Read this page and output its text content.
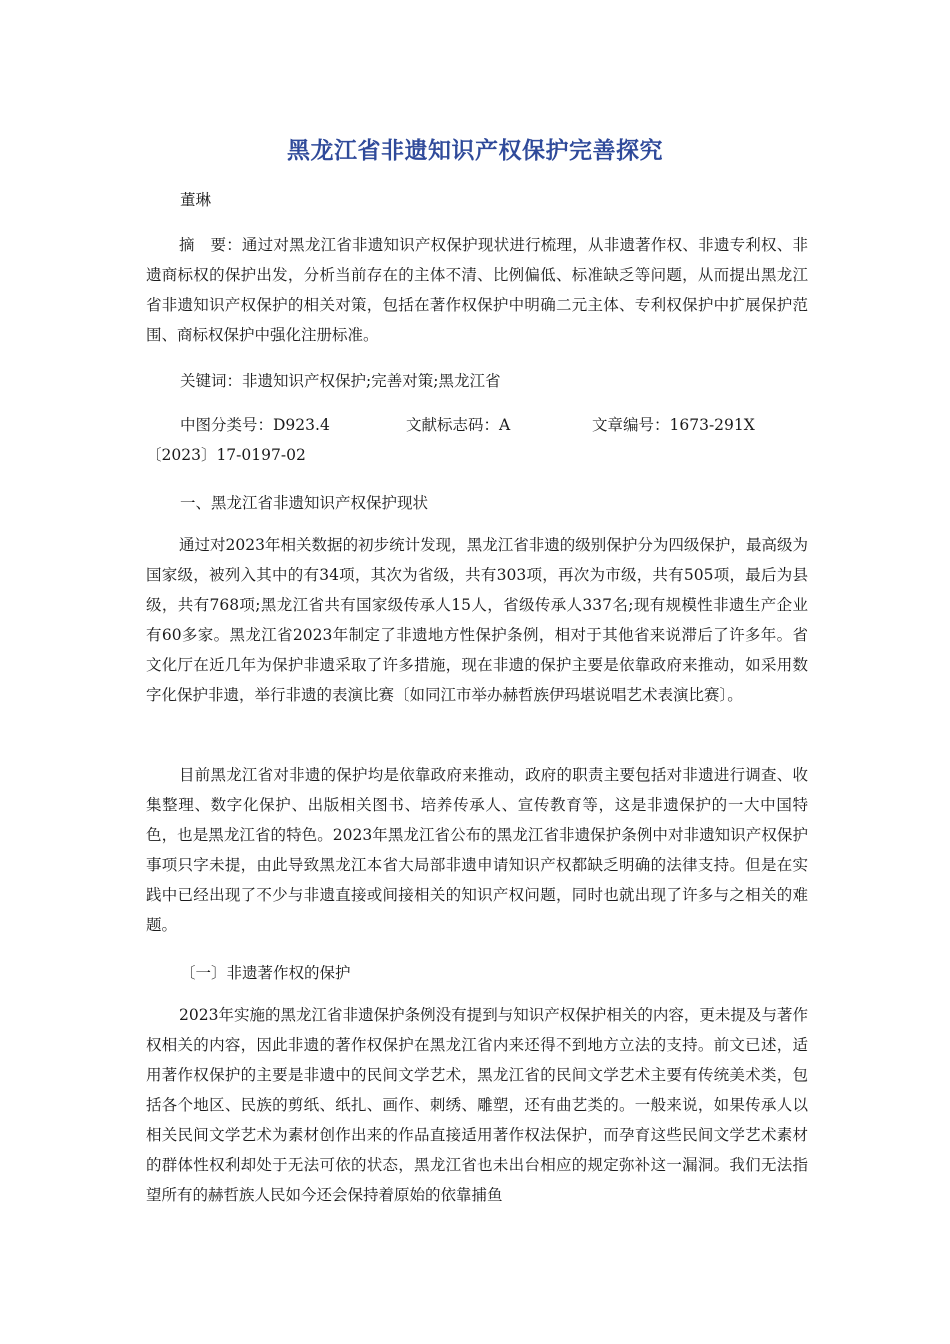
黑龙江省非遗知识产权保护完善探究
董琳

摘　要：通过对黑龙江省非遗知识产权保护现状进行梳理，从非遗著作权、非遗专利权、非遗商标权的保护出发，分析当前存在的主体不清、比例偏低、标准缺乏等问题，从而提出黑龙江省非遗知识产权保护的相关对策，包括在著作权保护中明确二元主体、专利权保护中扩展保护范围、商标权保护中强化注册标准。

关键词：非遗知识产权保护;完善对策;黑龙江省
中图分类号：D923.4	文献标志码：A	文章编号：1673-291X
〔2023〕17-0197-02
一、黑龙江省非遗知识产权保护现状

通过对2023年相关数据的初步统计发现，黑龙江省非遗的级别保护分为四级保护，最高级为国家级，被列入其中的有34项，其次为省级，共有303项，再次为市级，共有505项，最后为县级，共有768项;黑龙江省共有国家级传承人15人，省级传承人337名;现有规模性非遗生产企业有60多家。黑龙江省2023年制定了非遗地方性保护条例，相对于其他省来说滞后了许多年。省文化厅在近几年为保护非遗采取了许多措施，现在非遗的保护主要是依靠政府来推动，如采用数字化保护非遗，举行非遗的表演比赛〔如同江市举办赫哲族伊玛堪说唱艺术表演比赛〕。

目前黑龙江省对非遗的保护均是依靠政府来推动，政府的职责主要包括对非遗进行调查、收集整理、数字化保护、出版相关图书、培养传承人、宣传教育等，这是非遗保护的一大中国特色，也是黑龙江省的特色。2023年黑龙江省公布的黑龙江省非遗保护条例中对非遗知识产权保护事项只字未提，由此导致黑龙江本省大局部非遗申请知识产权都缺乏明确的法律支持。但是在实践中已经出现了不少与非遗直接或间接相关的知识产权问题，同时也就出现了许多与之相关的难题。

〔一〕非遗著作权的保护

2023年实施的黑龙江省非遗保护条例没有提到与知识产权保护相关的内容，更未提及与著作权相关的内容，因此非遗的著作权保护在黑龙江省内来还得不到地方立法的支持。前文已述，适用著作权保护的主要是非遗中的民间文学艺术，黑龙江省的民间文学艺术主要有传统美术类，包括各个地区、民族的剪纸、纸扎、画作、刺绣、雕塑，还有曲艺类的。一般来说，如果传承人以相关民间文学艺术为素材创作出来的作品直接适用著作权法保护，而孕育这些民间文学艺术素材的群体性权利却处于无法可依的状态，黑龙江省也未出台相应的规定弥补这一漏洞。我们无法指望所有的赫哲族人民如今还会保持着原始的依靠捕鱼
